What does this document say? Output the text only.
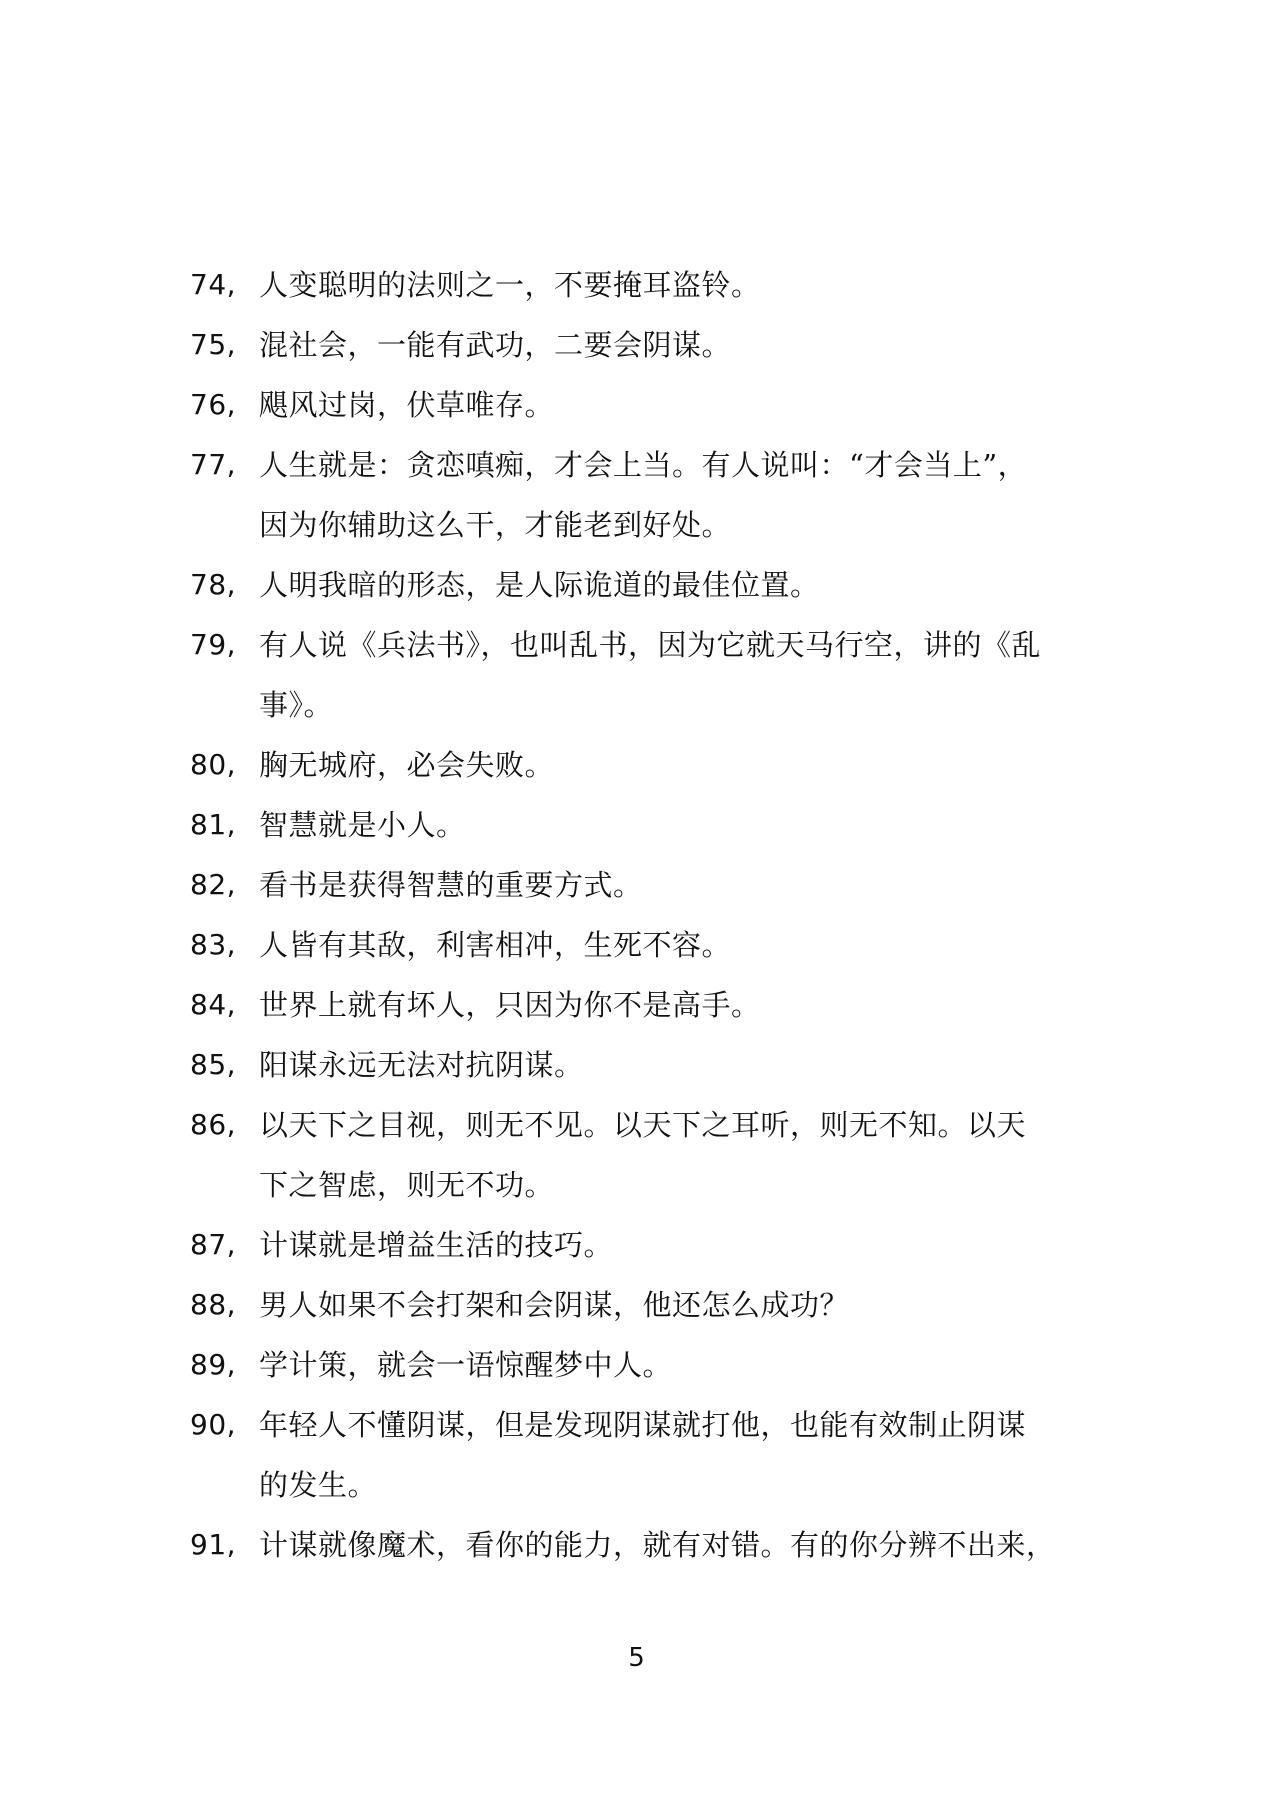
74, 人变聪明的法则之一，不要掩耳盗铃。
75, 混社会，一能有武功，二要会阴谋。
76, 飓风过岗，伏草唯存。
77, 人生就是：贪恋嗔痴，才会上当。有人说叫：“才会当上”，
因为你辅助这么干，才能老到好处。
78, 人明我暗的形态，是人际诡道的最佳位置。
79, 有人说《兵法书》，也叫乱书，因为它就天马行空，讲的《乱
事》。
80, 胸无城府，必会失败。
81, 智慧就是小人。
82, 看书是获得智慧的重要方式。
83, 人皆有其敌，利害相冲，生死不容。
84, 世界上就有坏人，只因为你不是高手。
85, 阳谋永远无法对抗阴谋。
86, 以天下之目视，则无不见。以天下之耳听，则无不知。以天
下之智虑，则无不功。
87, 计谋就是增益生活的技巧。
88, 男人如果不会打架和会阴谋，他还怎么成功？
89, 学计策，就会一语惊醒梦中人。
90, 年轻人不懂阴谋，但是发现阴谋就打他，也能有效制止阴谋
的发生。
91, 计谋就像魔术，看你的能力，就有对错。有的你分辨不出来，
5
